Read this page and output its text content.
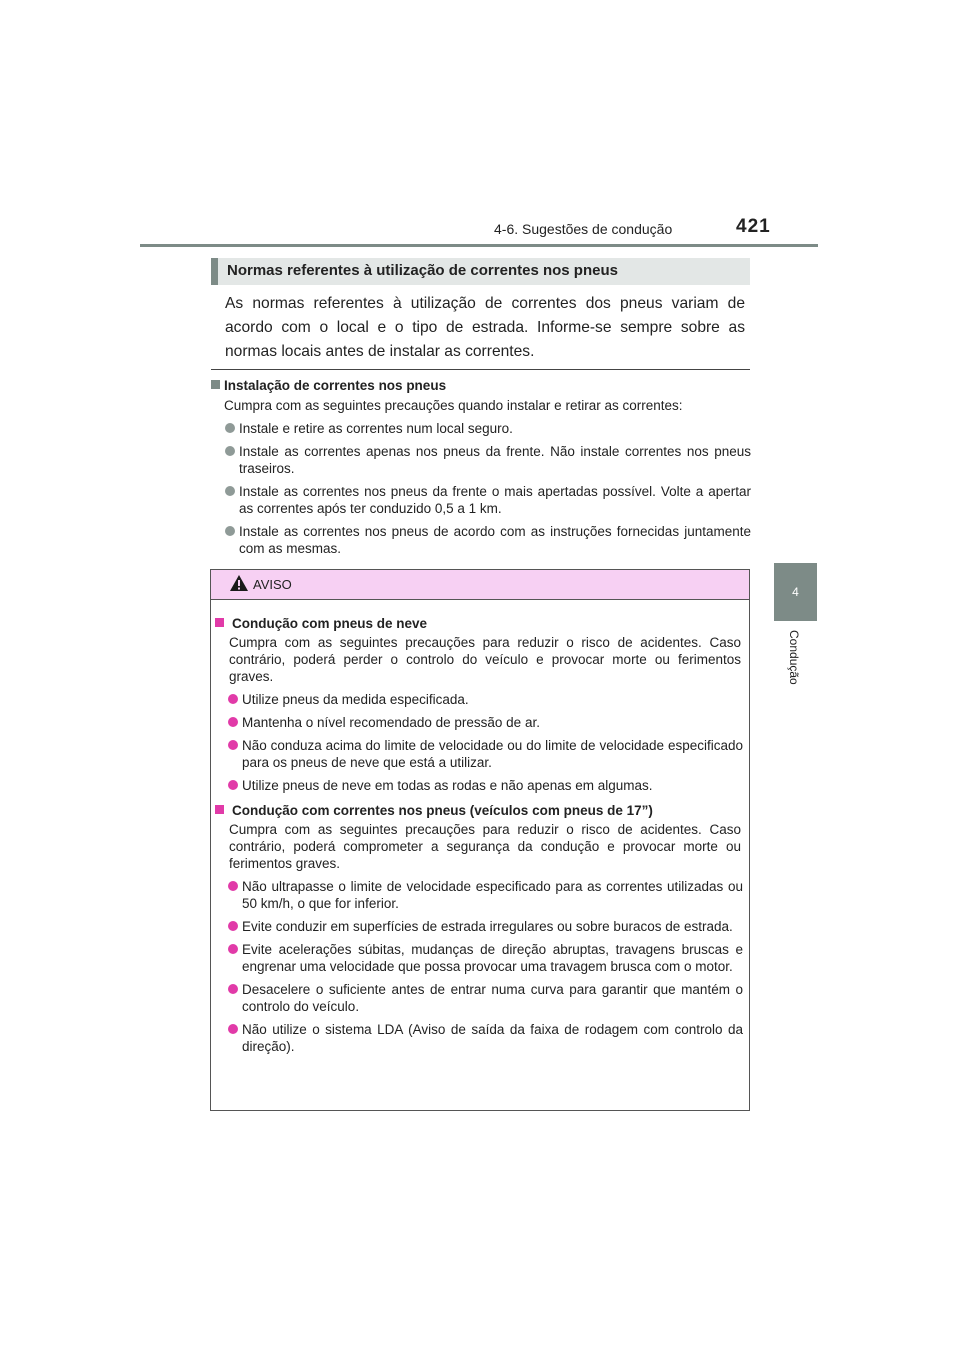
4-6. Sugestões de condução	421
4
Condução
Normas referentes à utilização de correntes nos pneus
As normas referentes à utilização de correntes dos pneus variam de acordo com o local e o tipo de estrada. Informe-se sempre sobre as normas locais antes de instalar as correntes.
Instalação de correntes nos pneus
Cumpra com as seguintes precauções quando instalar e retirar as correntes:
Instale e retire as correntes num local seguro.
Instale as correntes apenas nos pneus da frente. Não instale correntes nos pneus traseiros.
Instale as correntes nos pneus da frente o mais apertadas possível. Volte a apertar as correntes após ter conduzido 0,5 a 1 km.
Instale as correntes nos pneus de acordo com as instruções fornecidas juntamente com as mesmas.
AVISO
Condução com pneus de neve
Cumpra com as seguintes precauções para reduzir o risco de acidentes. Caso contrário, poderá perder o controlo do veículo e provocar morte ou ferimentos graves.
Utilize pneus da medida especificada.
Mantenha o nível recomendado de pressão de ar.
Não conduza acima do limite de velocidade ou do limite de velocidade especificado para os pneus de neve que está a utilizar.
Utilize pneus de neve em todas as rodas e não apenas em algumas.
Condução com correntes nos pneus (veículos com pneus de 17”)
Cumpra com as seguintes precauções para reduzir o risco de acidentes. Caso contrário, poderá comprometer a segurança da condução e provocar morte ou ferimentos graves.
Não ultrapasse o limite de velocidade especificado para as correntes utilizadas ou 50 km/h, o que for inferior.
Evite conduzir em superfícies de estrada irregulares ou sobre buracos de estrada.
Evite acelerações súbitas, mudanças de direção abruptas, travagens bruscas e engrenar uma velocidade que possa provocar uma travagem brusca com o motor.
Desacelere o suficiente antes de entrar numa curva para garantir que mantém o controlo do veículo.
Não utilize o sistema LDA (Aviso de saída da faixa de rodagem com controlo da direção).
